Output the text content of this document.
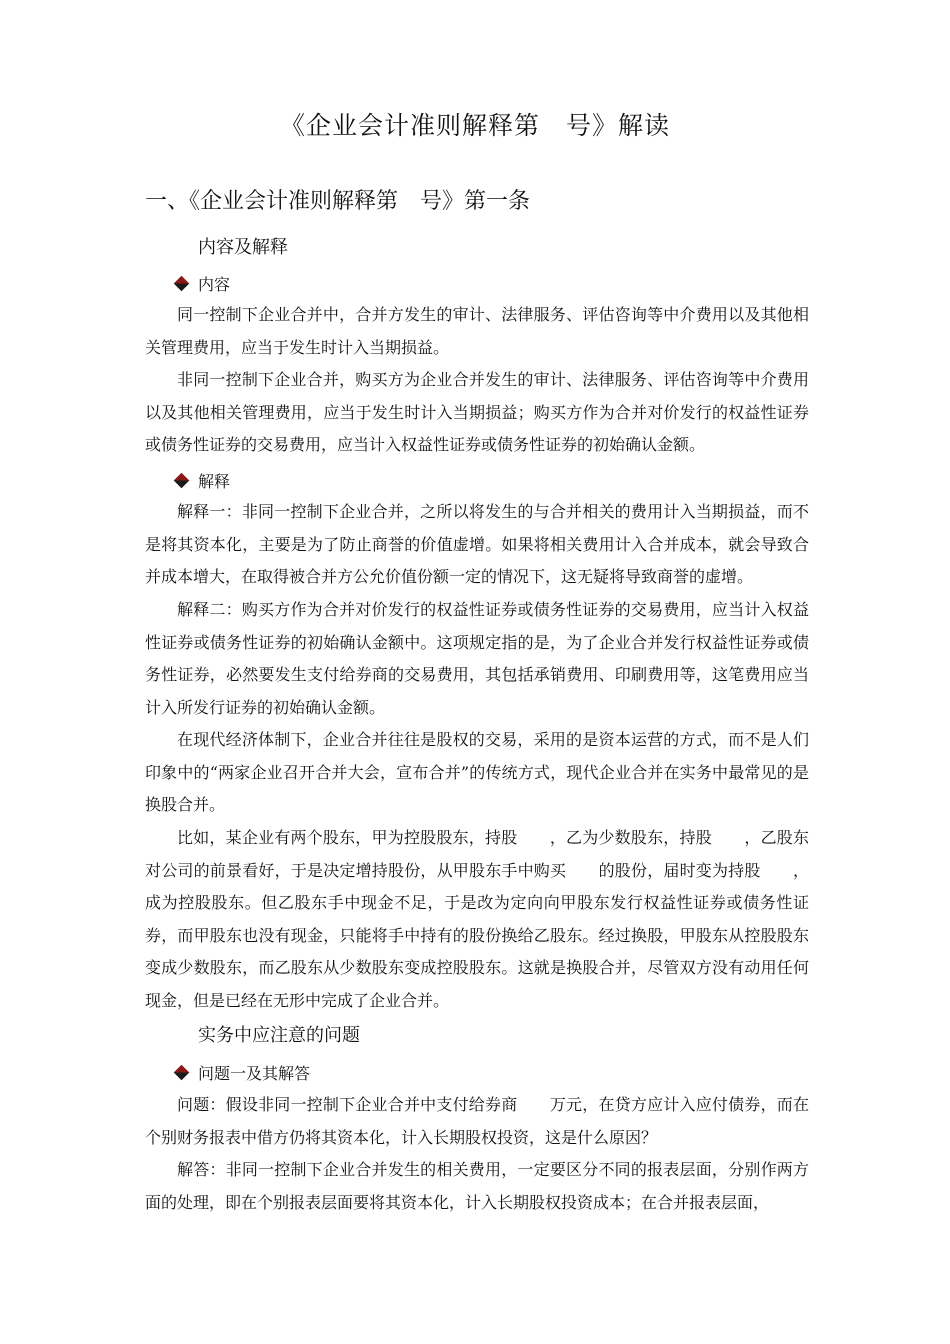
《企业会计准则解释第　号》解读
一、《企业会计准则解释第　号》第一条
内容及解释
内容

同一控制下企业合并中，合并方发生的审计、法律服务、评估咨询等中介费用以及其他相关管理费用，应当于发生时计入当期损益。

非同一控制下企业合并，购买方为企业合并发生的审计、法律服务、评估咨询等中介费用以及其他相关管理费用，应当于发生时计入当期损益；购买方作为合并对价发行的权益性证券或债务性证券的交易费用，应当计入权益性证券或债务性证券的初始确认金额。

解释

解释一：非同一控制下企业合并，之所以将发生的与合并相关的费用计入当期损益，而不是将其资本化，主要是为了防止商誉的价值虚增。如果将相关费用计入合并成本，就会导致合并成本增大，在取得被合并方公允价值份额一定的情况下，这无疑将导致商誉的虚增。

解释二：购买方作为合并对价发行的权益性证券或债务性证券的交易费用，应当计入权益性证券或债务性证券的初始确认金额中。这项规定指的是，为了企业合并发行权益性证券或债务性证券，必然要发生支付给券商的交易费用，其包括承销费用、印刷费用等，这笔费用应当计入所发行证券的初始确认金额。

在现代经济体制下，企业合并往往是股权的交易，采用的是资本运营的方式，而不是人们印象中的“两家企业召开合并大会，宣布合并”的传统方式，现代企业合并在实务中最常见的是换股合并。

比如，某企业有两个股东，甲为控股股东，持股　　，乙为少数股东，持股　　，乙股东对公司的前景看好，于是决定增持股份，从甲股东手中购买　　的股份，届时变为持股　　，成为控股股东。但乙股东手中现金不足，于是改为定向向甲股东发行权益性证券或债务性证券，而甲股东也没有现金，只能将手中持有的股份换给乙股东。经过换股，甲股东从控股股东变成少数股东，而乙股东从少数股东变成控股股东。这就是换股合并，尽管双方没有动用任何现金，但是已经在无形中完成了企业合并。

实务中应注意的问题
问题一及其解答

问题：假设非同一控制下企业合并中支付给券商　　万元，在贷方应计入应付债券，而在个别财务报表中借方仍将其资本化，计入长期股权投资，这是什么原因？

解答：非同一控制下企业合并发生的相关费用，一定要区分不同的报表层面，分别作两方面的处理，即在个别报表层面要将其资本化，计入长期股权投资成本；在合并报表层面，
